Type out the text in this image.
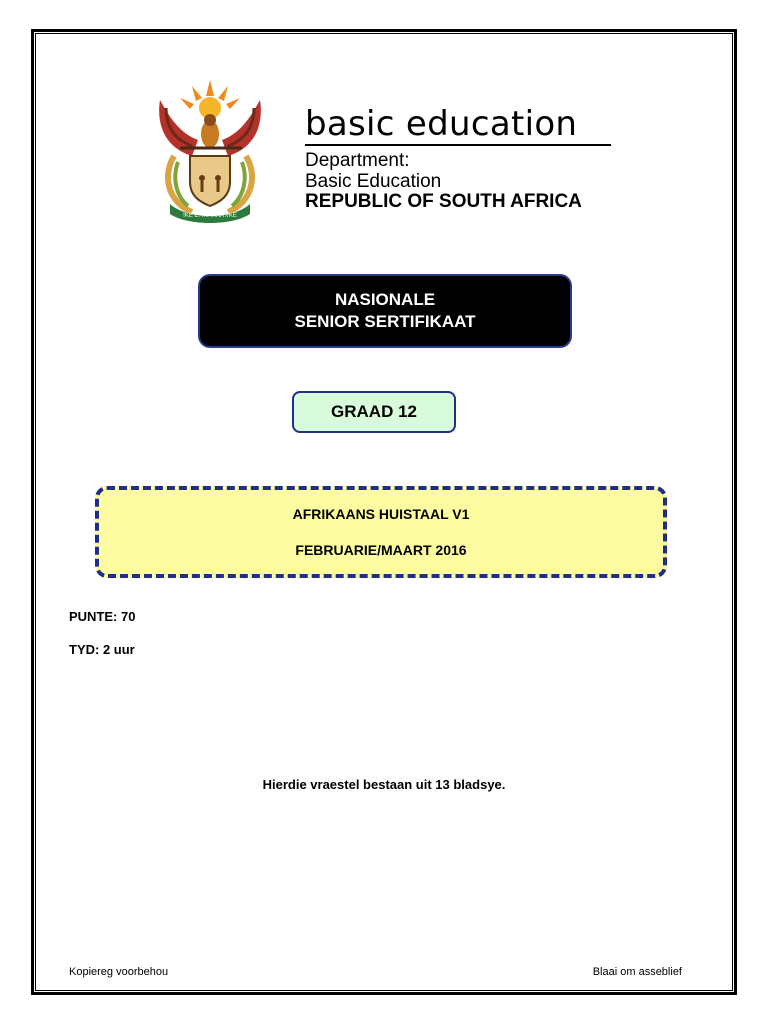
!KE E: /XARRA //KE
basic education
Department:
Basic Education
REPUBLIC OF SOUTH AFRICA
NASIONALE
SENIOR SERTIFIKAAT
GRAAD 12
AFRIKAANS HUISTAAL V1
FEBRUARIE/MAART 2016
PUNTE: 70
TYD: 2 uur
Hierdie vraestel bestaan uit 13 bladsye.
Kopiereg voorbehou	Blaai om asseblief
